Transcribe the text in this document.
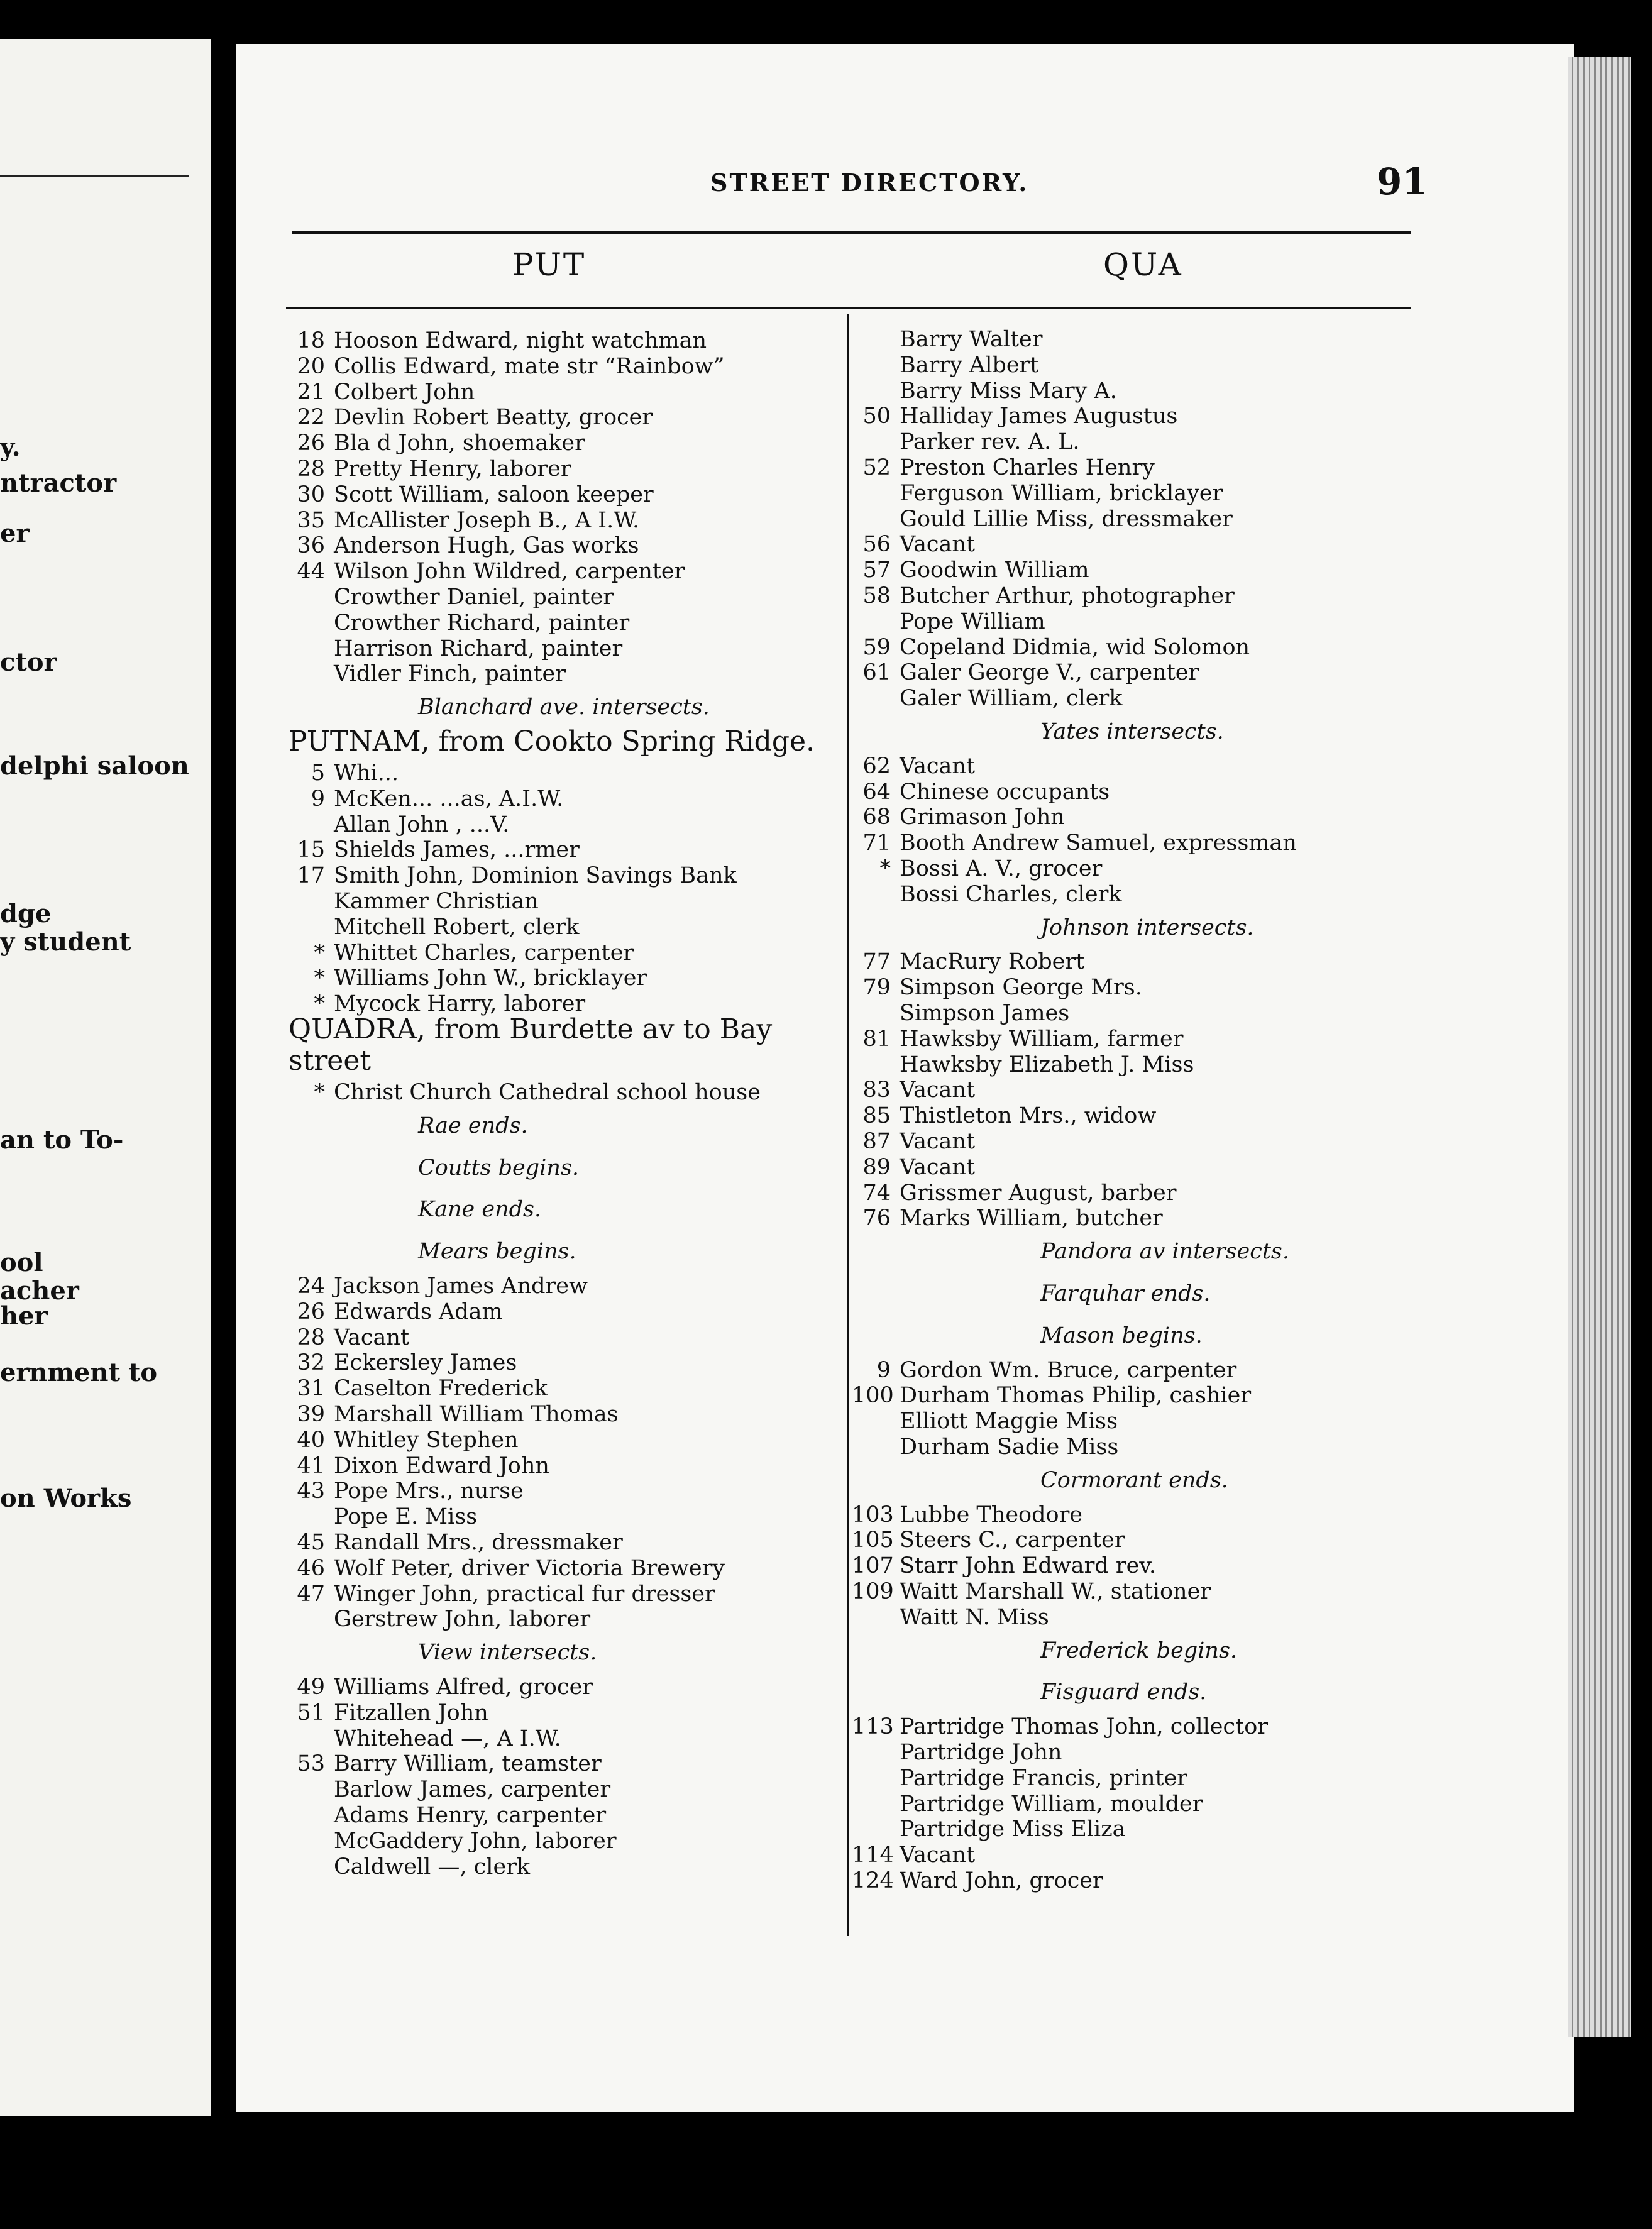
y.
ntractor
er
ctor
delphi saloon
dge
y student
an to To-
ool
acher
her
ernment to
on Works
STREET DIRECTORY.	91
PUT	QUA
18 Hooson Edward, night watchman
20 Collis Edward, mate str “Rainbow”
21 Colbert John
22 Devlin Robert Beatty, grocer
26 Bla d John, shoemaker
28 Pretty Henry, laborer
30 Scott William, saloon keeper
35 McAllister Joseph B., A I.W.
36 Anderson Hugh, Gas works
44 Wilson John Wildred, carpenter
Crowther Daniel, painter
Crowther Richard, painter
Harrison Richard, painter
Vidler Finch, painter
Blanchard ave. intersects.
PUTNAM, from Cookto Spring Ridge.
5 Whi...
9 McKen... ...as, A.I.W.
Allan John , ...V.
15 Shields James, ...rmer
17 Smith John, Dominion Savings Bank
Kammer Christian
Mitchell Robert, clerk
* Whittet Charles, carpenter
* Williams John W., bricklayer
* Mycock Harry, laborer
QUADRA, from Burdette av to Bay
street
* Christ Church Cathedral school house
Rae ends.
Coutts begins.
Kane ends.
Mears begins.
24 Jackson James Andrew
26 Edwards Adam
28 Vacant
32 Eckersley James
31 Caselton Frederick
39 Marshall William Thomas
40 Whitley Stephen
41 Dixon Edward John
43 Pope Mrs., nurse
Pope E. Miss
45 Randall Mrs., dressmaker
46 Wolf Peter, driver Victoria Brewery
47 Winger John, practical fur dresser
Gerstrew John, laborer
View intersects.
49 Williams Alfred, grocer
51 Fitzallen John
Whitehead —, A I.W.
53 Barry William, teamster
Barlow James, carpenter
Adams Henry, carpenter
McGaddery John, laborer
Caldwell —, clerk
Barry Walter
Barry Albert
Barry Miss Mary A.
50 Halliday James Augustus
Parker rev. A. L.
52 Preston Charles Henry
Ferguson William, bricklayer
Gould Lillie Miss, dressmaker
56 Vacant
57 Goodwin William
58 Butcher Arthur, photographer
Pope William
59 Copeland Didmia, wid Solomon
61 Galer George V., carpenter
Galer William, clerk
Yates intersects.
62 Vacant
64 Chinese occupants
68 Grimason John
71 Booth Andrew Samuel, expressman
* Bossi A. V., grocer
Bossi Charles, clerk
Johnson intersects.
77 MacRury Robert
79 Simpson George Mrs.
Simpson James
81 Hawksby William, farmer
Hawksby Elizabeth J. Miss
83 Vacant
85 Thistleton Mrs., widow
87 Vacant
89 Vacant
74 Grissmer August, barber
76 Marks William, butcher
Pandora av intersects.
Farquhar ends.
Mason begins.
9 Gordon Wm. Bruce, carpenter
100 Durham Thomas Philip, cashier
Elliott Maggie Miss
Durham Sadie Miss
Cormorant ends.
103 Lubbe Theodore
105 Steers C., carpenter
107 Starr John Edward rev.
109 Waitt Marshall W., stationer
Waitt N. Miss
Frederick begins.
Fisguard ends.
113 Partridge Thomas John, collector
Partridge John
Partridge Francis, printer
Partridge William, moulder
Partridge Miss Eliza
114 Vacant
124 Ward John, grocer
